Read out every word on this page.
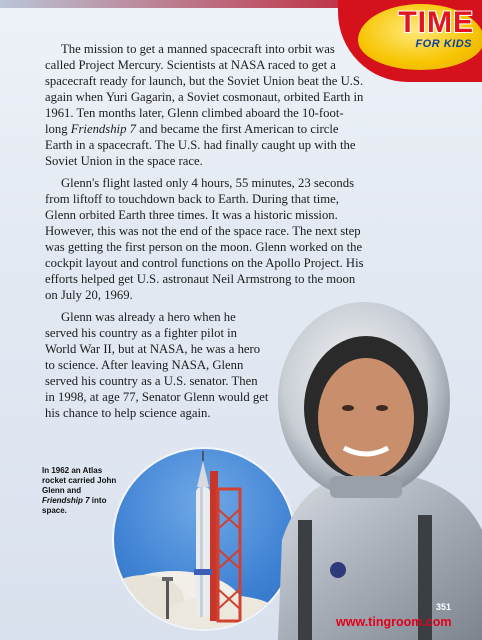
TIME
FOR KIDS

The mission to get a manned spacecraft into orbit was called Project Mercury. Scientists at NASA raced to get a spacecraft ready for launch, but the Soviet Union beat the U.S. again when Yuri Gagarin, a Soviet cosmonaut, orbited Earth in 1961. Ten months later, Glenn climbed aboard the 10-foot-long Friendship 7 and became the first American to circle Earth in a spacecraft. The U.S. had finally caught up with the Soviet Union in the space race.

Glenn's flight lasted only 4 hours, 55 minutes, 23 seconds from liftoff to touchdown back to Earth. During that time, Glenn orbited Earth three times. It was a historic mission. However, this was not the end of the space race. The next step was getting the first person on the moon. Glenn worked on the cockpit layout and control functions on the Apollo Project. His efforts helped get U.S. astronaut Neil Armstrong to the moon on July 20, 1969.

Glenn was already a hero when he served his country as a fighter pilot in World War II, but at NASA, he was a hero to science. After leaving NASA, Glenn served his country as a U.S. senator. Then in 1998, at age 77, Senator Glenn would get his chance to help science again.

In 1962 an Atlas rocket carried John Glenn and Friendship 7 into space.
351
www.tingroom.com
